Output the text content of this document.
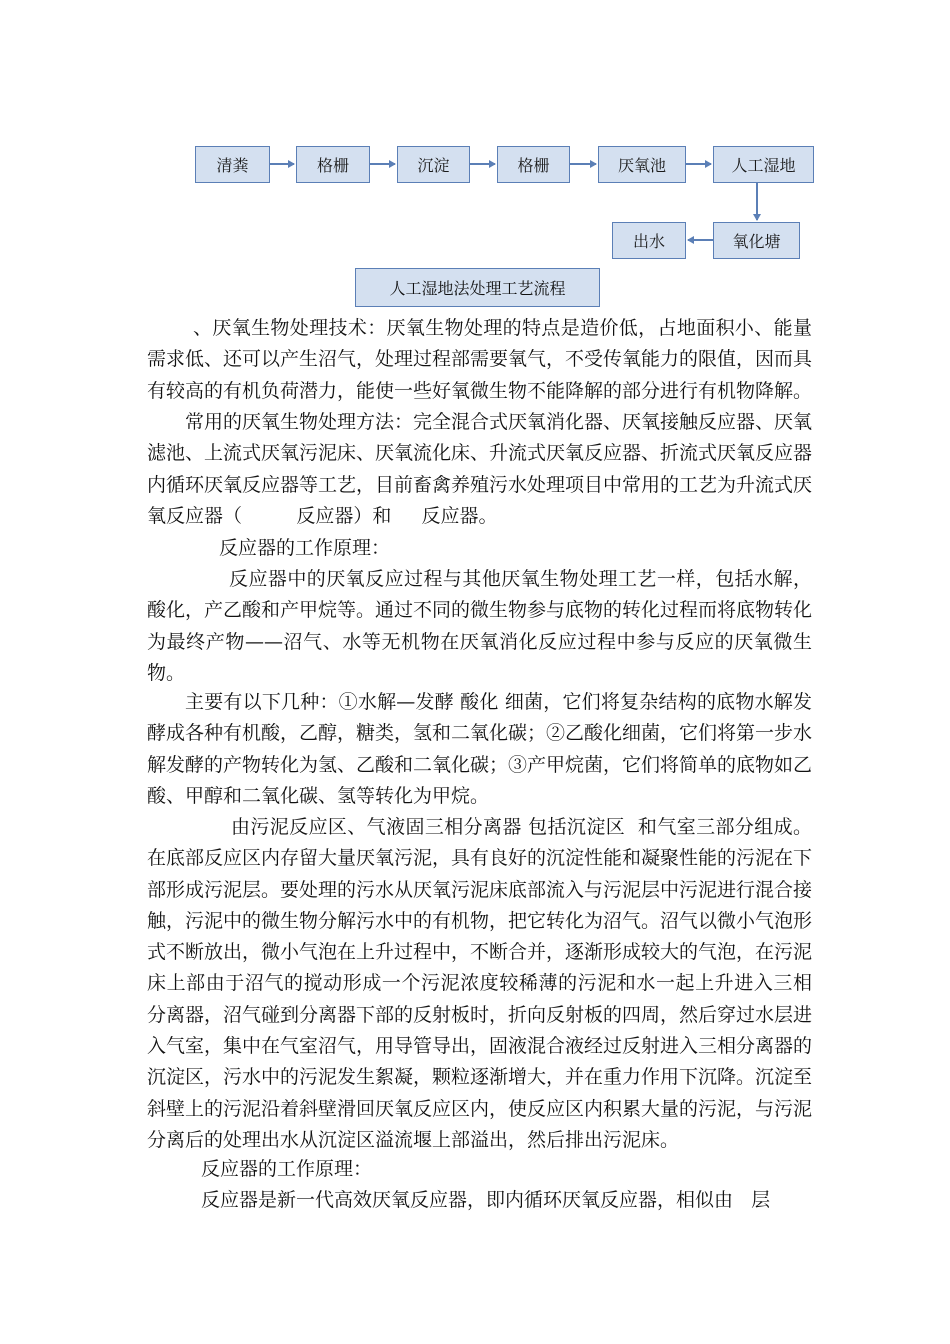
清粪	格栅	沉淀	格栅	厌氧池	人工湿地
氧化塘
出水
人工湿地法处理工艺流程
、厌氧生物处理技术：厌氧生物处理的特点是造价低，占地面积小、能量
需求低、还可以产生沼气，处理过程部需要氧气，不受传氧能力的限值，因而具
有较高的有机负荷潜力，能使一些好氧微生物不能降解的部分进行有机物降解。
常用的厌氧生物处理方法：完全混合式厌氧消化器、厌氧接触反应器、厌氧
滤池、上流式厌氧污泥床、厌氧流化床、升流式厌氧反应器、折流式厌氧反应器
内循环厌氧反应器等工艺，目前畜禽养殖污水处理项目中常用的工艺为升流式厌
氧反应器（         反应器）和     反应器。
反应器的工作原理：
反应器中的厌氧反应过程与其他厌氧生物处理工艺一样，包括水解，
酸化，产乙酸和产甲烷等。通过不同的微生物参与底物的转化过程而将底物转化
为最终产物——沼气、水等无机物在厌氧消化反应过程中参与反应的厌氧微生
物。
主要有以下几种：①水解—发酵 酸化 细菌，它们将复杂结构的底物水解发
酵成各种有机酸，乙醇，糖类，氢和二氧化碳；②乙酸化细菌，它们将第一步水
解发酵的产物转化为氢、乙酸和二氧化碳；③产甲烷菌，它们将简单的底物如乙
酸、甲醇和二氧化碳、氢等转化为甲烷。
由污泥反应区、气液固三相分离器 包括沉淀区  和气室三部分组成。
在底部反应区内存留大量厌氧污泥，具有良好的沉淀性能和凝聚性能的污泥在下
部形成污泥层。要处理的污水从厌氧污泥床底部流入与污泥层中污泥进行混合接
触，污泥中的微生物分解污水中的有机物，把它转化为沼气。沼气以微小气泡形
式不断放出，微小气泡在上升过程中，不断合并，逐渐形成较大的气泡，在污泥
床上部由于沼气的搅动形成一个污泥浓度较稀薄的污泥和水一起上升进入三相
分离器，沼气碰到分离器下部的反射板时，折向反射板的四周，然后穿过水层进
入气室，集中在气室沼气，用导管导出，固液混合液经过反射进入三相分离器的
沉淀区，污水中的污泥发生絮凝，颗粒逐渐增大，并在重力作用下沉降。沉淀至
斜壁上的污泥沿着斜壁滑回厌氧反应区内，使反应区内积累大量的污泥，与污泥
分离后的处理出水从沉淀区溢流堰上部溢出，然后排出污泥床。
反应器的工作原理：
反应器是新一代高效厌氧反应器，即内循环厌氧反应器，相似由   层
